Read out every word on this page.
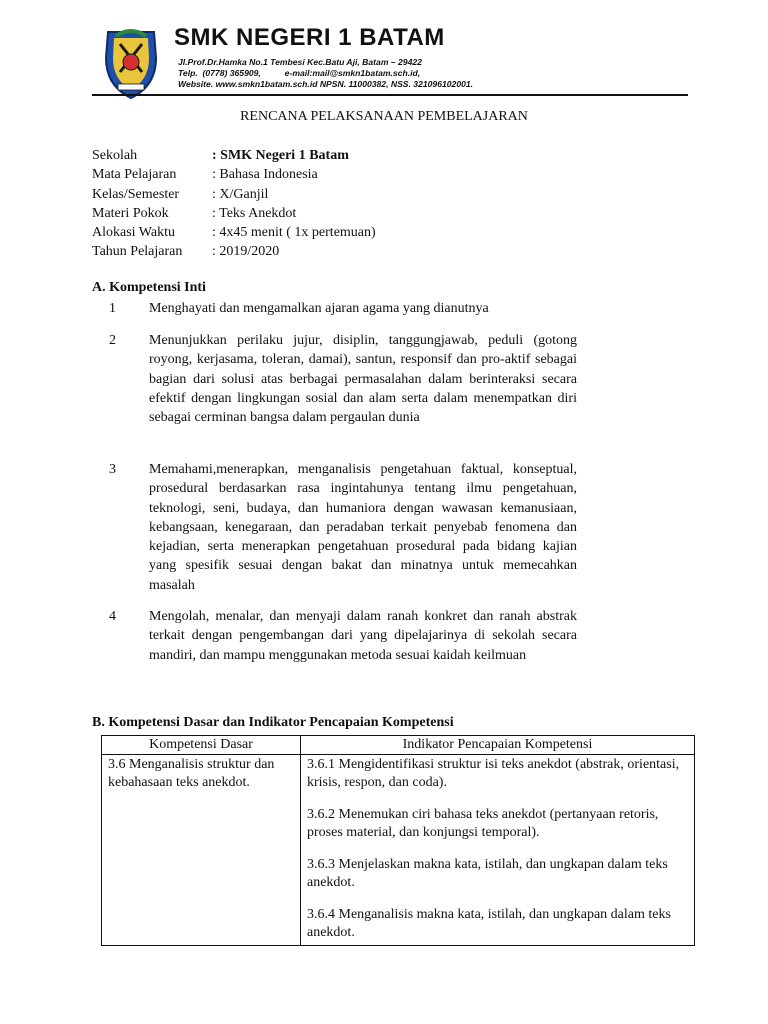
SMK NEGERI 1 BATAM
Jl.Prof.Dr.Hamka No.1 Tembesi Kec.Batu Aji, Batam – 29422
Telp.  (0778) 365909,          e-mail:mail@smkn1batam.sch.id,
Website. www.smkn1batam.sch.id NPSN. 11000382, NSS. 321096102001.
RENCANA PELAKSANAAN PEMBELAJARAN
Sekolah	: SMK Negeri 1 Batam
Mata Pelajaran	: Bahasa Indonesia
Kelas/Semester	: X/Ganjil
Materi Pokok	: Teks Anekdot
Alokasi Waktu	: 4x45 menit ( 1x pertemuan)
Tahun Pelajaran	: 2019/2020
A. Kompetensi Inti
1	Menghayati dan mengamalkan ajaran agama yang dianutnya
2	Menunjukkan perilaku jujur, disiplin, tanggungjawab, peduli (gotong royong, kerjasama, toleran, damai), santun, responsif dan pro-aktif sebagai bagian dari solusi atas berbagai permasalahan dalam berinteraksi secara efektif dengan lingkungan sosial dan alam serta dalam menempatkan diri sebagai cerminan bangsa dalam pergaulan dunia
3	Memahami,menerapkan, menganalisis pengetahuan faktual, konseptual, prosedural berdasarkan rasa ingintahunya tentang ilmu pengetahuan, teknologi, seni, budaya, dan humaniora dengan wawasan kemanusiaan, kebangsaan, kenegaraan, dan peradaban terkait penyebab fenomena dan kejadian, serta menerapkan pengetahuan prosedural pada bidang kajian yang spesifik sesuai dengan bakat dan minatnya untuk memecahkan masalah
4	Mengolah, menalar, dan menyaji dalam ranah konkret dan ranah abstrak terkait dengan pengembangan dari yang dipelajarinya di sekolah secara mandiri, dan mampu menggunakan metoda sesuai kaidah keilmuan
B. Kompetensi Dasar dan Indikator Pencapaian Kompetensi
Kompetensi Dasar	Indikator Pencapaian Kompetensi
3.6 Menganalisis struktur dan kebahasaan teks anekdot.	3.6.1 Mengidentifikasi struktur isi teks anekdot (abstrak, orientasi, krisis, respon, dan coda).
3.6.2 Menemukan ciri bahasa teks anekdot (pertanyaan retoris, proses material, dan konjungsi temporal).
3.6.3 Menjelaskan makna kata, istilah, dan ungkapan dalam teks anekdot.
3.6.4 Menganalisis makna kata, istilah, dan ungkapan dalam teks anekdot.
